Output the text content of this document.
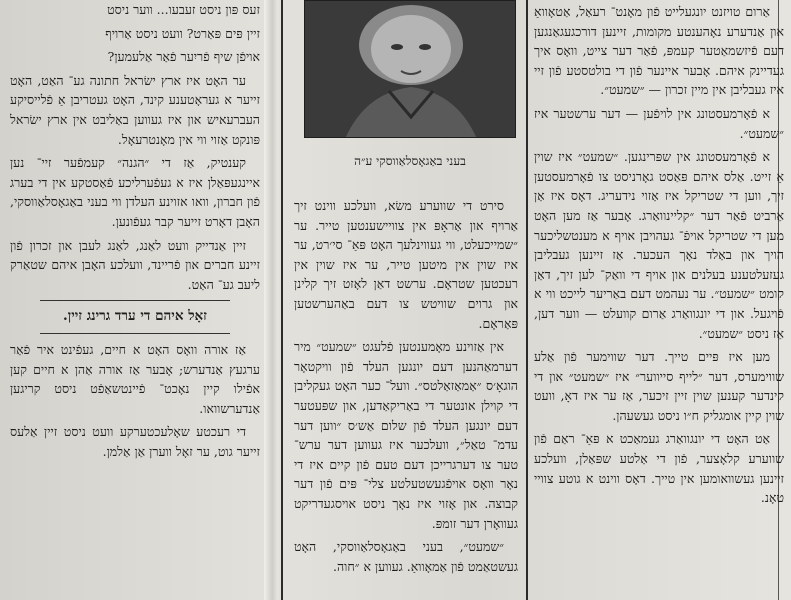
זעס פּון ניסט זעבעו... ווער ניסט

זיין פּים פּאַרט? וועט ניסט אַרויף

אויפֿן שיף פֿריִער פֿאַר אַלעמען?

ער האָט איז ארץ ישׂראל חתונה גע־ האַט, האָט זייער א געראָטענע קינד, האָט געטריבן אַ פֿלייסיקע העברעאיש און איז געווען באַליבט אין ארץ ישׂראל פּונקט אַזוי ווי אין מאָנטרעאָל.

קענטיק, אַז די ״הגנה״ קעמפֿער זיי־ נען איינגעפּאַלן איז א געפֿערליכע פֿאַסטקע אין די בערג פֿון חברון, וואו אזוינע העלדן ווי בעני באַגאָסלאַווסקי, האָבן דאָרט זייער קבר געפֿונען.

זיין אַנדייק וועט לאַנג, לאַנג לעבן און זכרון פֿון זיינע חברים און פֿריינד, וועלכע האָבן איהם שטאַרק ליעב גע־ האַט.

זאָל איהם די ערד גרינג זיין.

אַז אורה וואָס האָט א חיים, געפֿינט איר פֿאַר ערגעץ אַנדערש; אָבער אַז אורה אַהן א חיים קען אפֿילו קיין נאָכט־ פֿיינטשאַפֿט ניסט קריגען אַנדערשוואו.

די רעכטע שאָלעכטערקע וועט ניסט זיין אַלעס זייער גוט, ער זאָל ווערן אַן אַלמן.

בעני באַגאָסלאַווסקי ע״ה

סירט די שווערע משׂא, וועלכע ווינט זיך אַרויף און אַראָפּ אין צוויישענטען טייר. ער ״שמייכעלט, ווי געווינלעך האָט פּאַ־ סי׳רט, ער איז שוין אין מיטען טייר, ער איז שוין אין רעכטען שטראָם. ערשט דאַן לאָזט זיך קלינן און גרוים שוויטש צו דעם באַהערשטען פּאַראָם.

אין אַזוינע מאָמענטען פֿלעגט ״שמעט״ מיר דערמאַהנען דעם יונגען העלד פֿון וויקטאָר הוגאָ׳ס ״אַמאַזאַלטס״. וועל־ כער האָט געקליבן די קוילן אונטער די באַריקאַדען, און שפּעטער דעם יונגען העלד פֿון שלום אַש׳ס ״ווען דער עדמ־ טאַל״, וועלכער איז געווען דער ערש־ טער צו דערגרייכן דעם טעם פֿון קיים איז די נאָר וואָס אויפֿגעשטעלטע צלי־ פּים פֿון דער קבוצה. און אָזוי איז נאָך ניסט אויסגעדריקט געוואָרן דער זומפּ.

״שמעט״, בעני באַגאָסלאַווסקי, האָט געשטאַמט פֿון אַמאָוואַ. געווען א ״חוה.

אַרום טויזנט יונגעלייט פֿון מאָנט־ רעאַל, אַטאָוואַ און אַנדערע נאָהענטע מקומות, זיינען דורכגעגאַנגען דעם פֿיזשמאַטער קעמפּ, פֿאַר דער צייט, וואָס איך געדיינק איהם. אָבער איינער פֿון די בולטסטע פֿון זיי איז געבליבן אין מיין זכרון — ״שמעט״.

א פֿאָרמעסטונג אין לויפֿען — דער ערשטער איז ״שמעט״.

א פֿאָרמעסטונג אין שפּרינגען. ״שמעט״ איז שוין אַ זייט. אַלס איהם פּאַסט גאָרניסט צו פֿאָרמעסטען זיך, ווען די שטריקל איז אַזוי נידעריג. דאָס איז אַן אַרביט פֿאַר דער ״קליינוואַרג. אָבער אַז מען האָט מען די שטריקל אויפֿ־ געהויבן אויף א מענטשליכער הויך און באַלד נאָך העכער. אַז זיינען געבליבן געזעלטענע בעלנים און אויף די וואַק־ לען זיך, דאַן קומט ״שמעט״. ער נעהמט דעם באַריער לייכט ווי א פֿויגעל. און די יונגוואַרג אַרום קוועלט — ווער דען, אַז ניסט ״שמעט״.

מען איז פּיים טייך. דער שווימער פֿון אַלע שווימערס, דער ״לייף סייווער״ איז ״שמעט״ און די קינדער קענען שוין זיין זיכער, אַז ער איז דאָ, וועט שוין קיין אומגליק ח״ו ניסט געשעהן.

אַט האָט די יונגוואַרג געמאַכט א פּאַ־ ראַם פֿון שווערע קלאָצער, פֿון די אַלטע שפּאַלן, וועלכע זיינען געשוואומען אין טייך. דאָס ווינט א גוטע צוויי טאָנ.
